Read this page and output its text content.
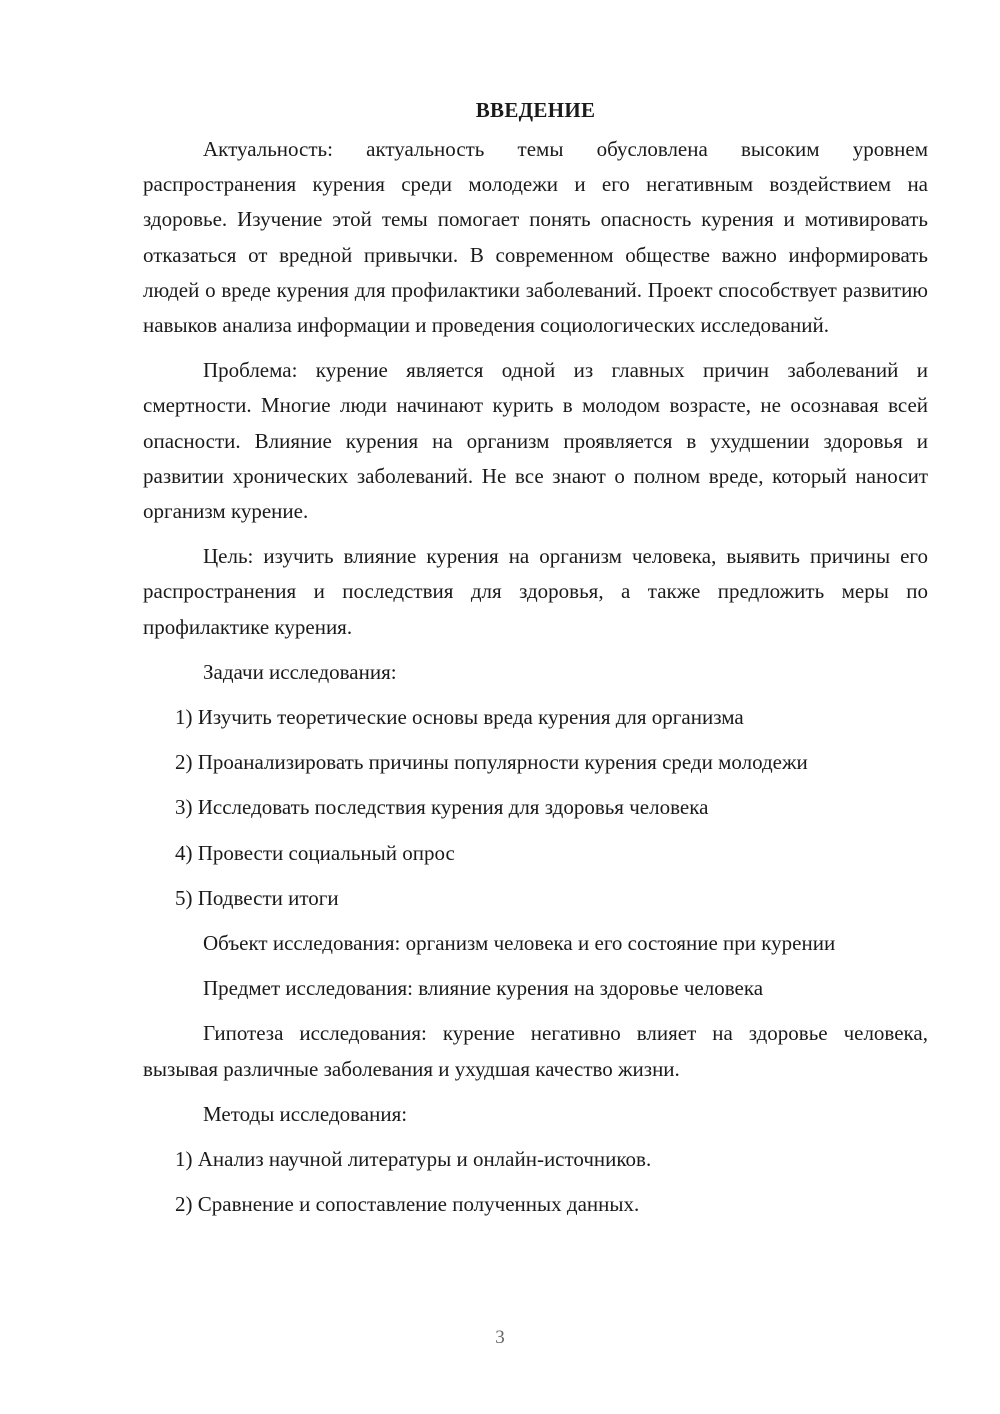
ВВЕДЕНИЕ

Актуальность: актуальность темы обусловлена высоким уровнем распространения курения среди молодежи и его негативным воздействием на здоровье. Изучение этой темы помогает понять опасность курения и мотивировать отказаться от вредной привычки. В современном обществе важно информировать людей о вреде курения для профилактики заболеваний. Проект способствует развитию навыков анализа информации и проведения социологических исследований.

Проблема: курение является одной из главных причин заболеваний и смертности. Многие люди начинают курить в молодом возрасте, не осознавая всей опасности. Влияние курения на организм проявляется в ухудшении здоровья и развитии хронических заболеваний. Не все знают о полном вреде, который наносит организм курение.

Цель: изучить влияние курения на организм человека, выявить причины его распространения и последствия для здоровья, а также предложить меры по профилактике курения.

Задачи исследования:

1) Изучить теоретические основы вреда курения для организма
2) Проанализировать причины популярности курения среди молодежи
3) Исследовать последствия курения для здоровья человека
4) Провести социальный опрос
5) Подвести итоги

Объект исследования: организм человека и его состояние при курении

Предмет исследования: влияние курения на здоровье человека

Гипотеза исследования: курение негативно влияет на здоровье человека, вызывая различные заболевания и ухудшая качество жизни.

Методы исследования:

1) Анализ научной литературы и онлайн-источников.
2) Сравнение и сопоставление полученных данных.
3
